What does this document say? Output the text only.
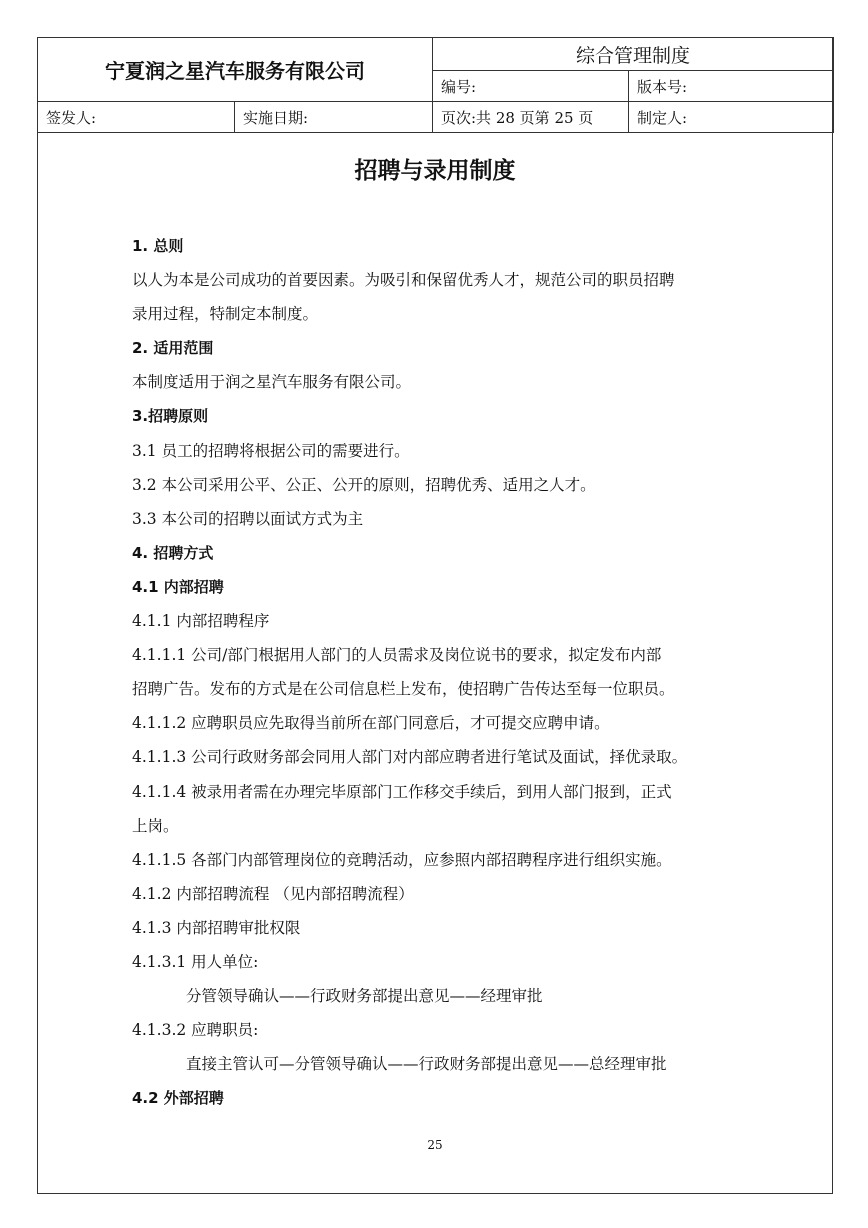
宁夏润之星汽车服务有限公司		综合管理制度	
		编号:	版本号:
签发人:	实施日期:	页次:共 28 页第 25 页	制定人:
招聘与录用制度
1. 总则
以人为本是公司成功的首要因素。为吸引和保留优秀人才，规范公司的职员招聘
录用过程，特制定本制度。
2. 适用范围
本制度适用于润之星汽车服务有限公司。
3.招聘原则
3.1 员工的招聘将根据公司的需要进行。
3.2 本公司采用公平、公正、公开的原则，招聘优秀、适用之人才。
3.3 本公司的招聘以面试方式为主
4. 招聘方式
4.1 内部招聘
4.1.1 内部招聘程序
4.1.1.1 公司/部门根据用人部门的人员需求及岗位说书的要求，拟定发布内部
招聘广告。发布的方式是在公司信息栏上发布，使招聘广告传达至每一位职员。
4.1.1.2 应聘职员应先取得当前所在部门同意后，才可提交应聘申请。
4.1.1.3 公司行政财务部会同用人部门对内部应聘者进行笔试及面试，择优录取。
4.1.1.4 被录用者需在办理完毕原部门工作移交手续后，到用人部门报到，正式
上岗。
4.1.1.5 各部门内部管理岗位的竞聘活动，应参照内部招聘程序进行组织实施。
4.1.2 内部招聘流程 （见内部招聘流程）
4.1.3 内部招聘审批权限
4.1.3.1 用人单位:
分管领导确认——行政财务部提出意见——经理审批
4.1.3.2 应聘职员:
直接主管认可—分管领导确认——行政财务部提出意见——总经理审批
4.2 外部招聘
25
